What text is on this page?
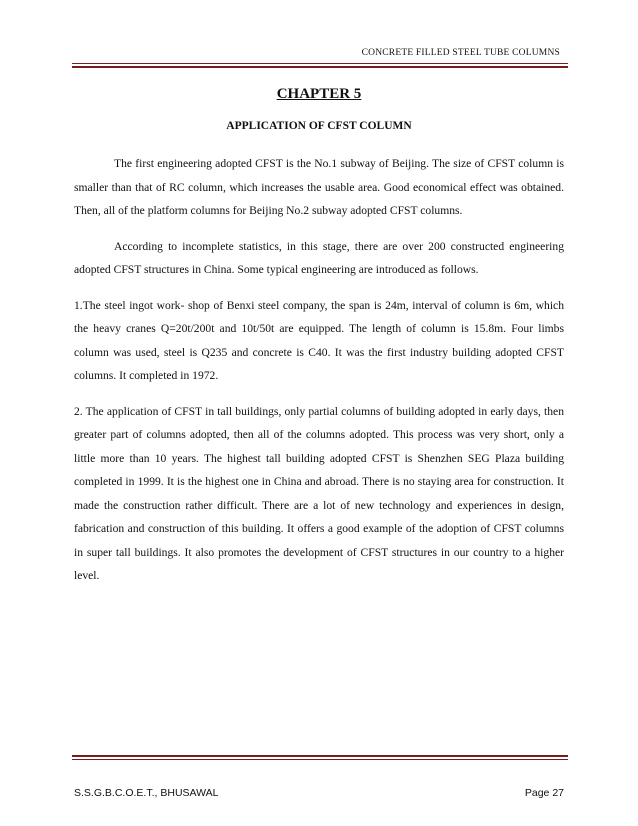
CONCRETE FILLED STEEL TUBE COLUMNS
CHAPTER 5
APPLICATION OF CFST COLUMN

The first engineering adopted CFST is the No.1 subway of Beijing. The size of CFST column is smaller than that of RC column, which increases the usable area. Good economical effect was obtained. Then, all of the platform columns for Beijing No.2 subway adopted CFST columns.

According to incomplete statistics, in this stage, there are over 200 constructed engineering adopted CFST structures in China. Some typical engineering are introduced as follows.

1.The steel ingot work- shop of Benxi steel company, the span is 24m, interval of column is 6m, which the heavy cranes Q=20t/200t and 10t/50t are equipped. The length of column is 15.8m. Four limbs column was used, steel is Q235 and concrete is C40. It was the first industry building adopted CFST columns. It completed in 1972.

2. The application of CFST in tall buildings, only partial columns of building adopted in early days, then greater part of columns adopted, then all of the columns adopted. This process was very short, only a little more than 10 years. The highest tall building adopted CFST is Shenzhen SEG Plaza building completed in 1999. It is the highest one in China and abroad. There is no staying area for construction. It made the construction rather difficult. There are a lot of new technology and experiences in design, fabrication and construction of this building. It offers a good example of the adoption of CFST columns in super tall buildings. It also promotes the development of CFST structures in our country to a higher level.

S.S.G.B.C.O.E.T., BHUSAWAL	Page 27
